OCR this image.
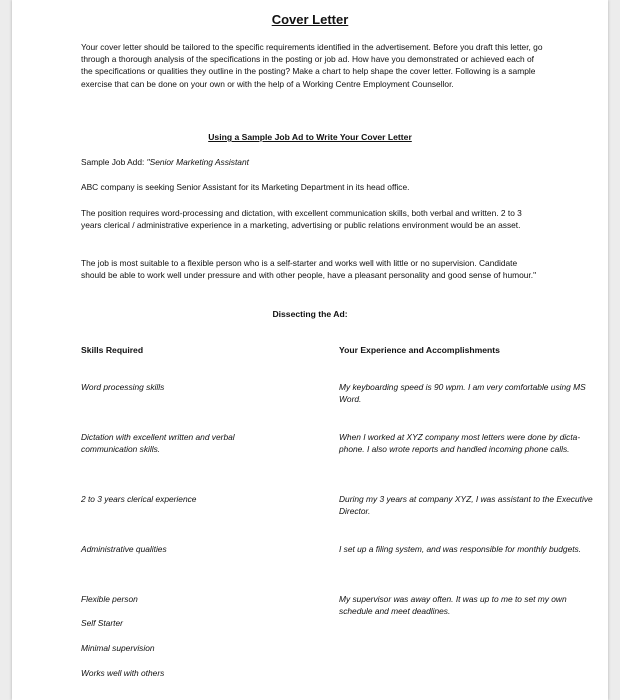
Cover Letter
Your cover letter should be tailored to the specific requirements identified in the advertisement. Before you draft this letter, go through a thorough analysis of the specifications in the posting or job ad. How have you demonstrated or achieved each of the specifications or qualities they outline in the posting? Make a chart to help shape the cover letter. Following is a sample exercise that can be done on your own or with the help of a Working Centre Employment Counsellor.
Using a Sample Job Ad to Write Your Cover Letter
Sample Job Add: "Senior Marketing Assistant
ABC company is seeking Senior Assistant for its Marketing Department in its head office.
The position requires word-processing and dictation, with excellent communication skills, both verbal and written. 2 to 3 years clerical / administrative experience in a marketing, advertising or public relations environment would be an asset.
The job is most suitable to a flexible person who is a self-starter and works well with little or no supervision. Candidate should be able to work well under pressure and with other people, have a pleasant personality and good sense of humour."
Dissecting the Ad:
Skills Required	Your Experience and Accomplishments
Word processing skills
Dictation with excellent written and verbal communication skills.
2 to 3 years clerical experience
Administrative qualities
Flexible person
Self Starter
Minimal supervision
Works well with others
My keyboarding speed is 90 wpm. I am very comfortable using MS Word.
When I worked at XYZ company most letters were done by dicta-phone. I also wrote reports and handled incoming phone calls.
During my 3 years at company XYZ, I was assistant to the Executive Director.
I set up a filing system, and was responsible for monthly budgets.
My supervisor was away often. It was up to me to set my own schedule and meet deadlines.
